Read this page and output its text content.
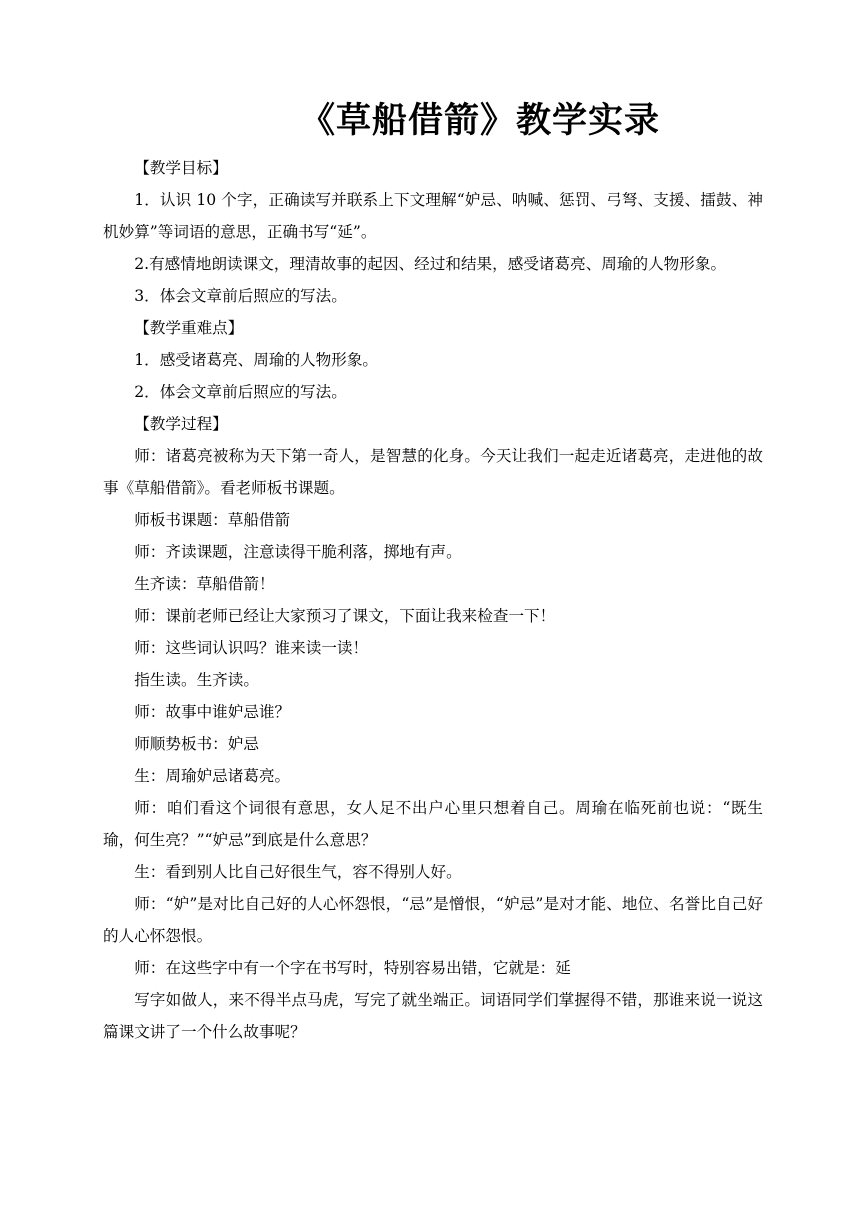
《草船借箭》教学实录

【教学目标】

1．认识 10 个字，正确读写并联系上下文理解“妒忌、呐喊、惩罚、弓弩、支援、擂鼓、神机妙算”等词语的意思，正确书写“延”。

2.有感情地朗读课文，理清故事的起因、经过和结果，感受诸葛亮、周瑜的人物形象。

3．体会文章前后照应的写法。

【教学重难点】

1．感受诸葛亮、周瑜的人物形象。

2．体会文章前后照应的写法。

【教学过程】

师：诸葛亮被称为天下第一奇人，是智慧的化身。今天让我们一起走近诸葛亮，走进他的故事《草船借箭》。看老师板书课题。

师板书课题：草船借箭

师：齐读课题，注意读得干脆利落，掷地有声。

生齐读：草船借箭！

师：课前老师已经让大家预习了课文，下面让我来检查一下！

师：这些词认识吗？谁来读一读！

指生读。生齐读。

师：故事中谁妒忌谁？

师顺势板书：妒忌

生：周瑜妒忌诸葛亮。

师：咱们看这个词很有意思，女人足不出户心里只想着自己。周瑜在临死前也说：“既生瑜，何生亮？”“妒忌”到底是什么意思？

生：看到别人比自己好很生气，容不得别人好。

师：“妒”是对比自己好的人心怀怨恨，“忌”是憎恨，“妒忌”是对才能、地位、名誉比自己好的人心怀怨恨。

师：在这些字中有一个字在书写时，特别容易出错，它就是：延

写字如做人，来不得半点马虎，写完了就坐端正。词语同学们掌握得不错，那谁来说一说这篇课文讲了一个什么故事呢？
